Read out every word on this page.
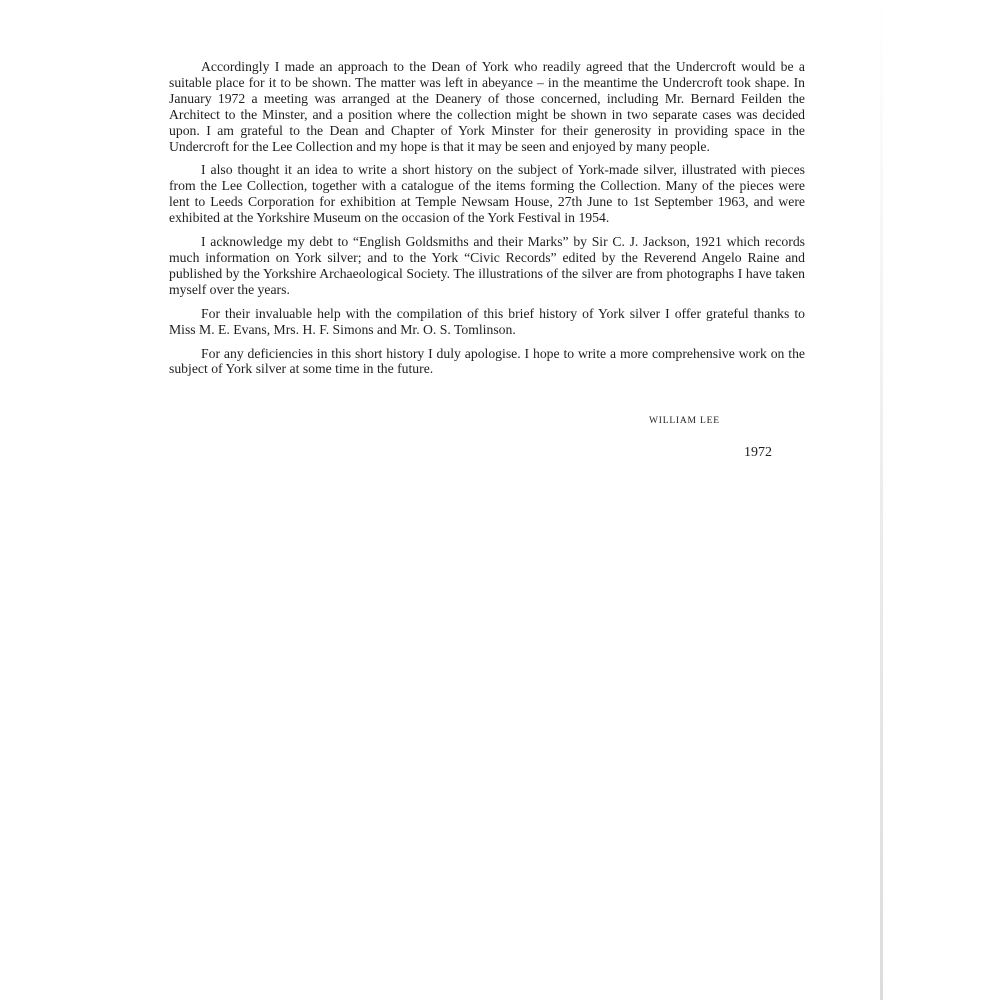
Accordingly I made an approach to the Dean of York who readily agreed that the Undercroft would be a suitable place for it to be shown. The matter was left in abeyance – in the meantime the Undercroft took shape. In January 1972 a meeting was arranged at the Deanery of those concerned, including Mr. Bernard Feilden the Architect to the Minster, and a position where the collection might be shown in two separate cases was decided upon. I am grateful to the Dean and Chapter of York Minster for their generosity in providing space in the Undercroft for the Lee Collection and my hope is that it may be seen and enjoyed by many people.

I also thought it an idea to write a short history on the subject of York-made silver, illustrated with pieces from the Lee Collection, together with a catalogue of the items forming the Collection. Many of the pieces were lent to Leeds Corporation for exhibition at Temple Newsam House, 27th June to 1st September 1963, and were exhibited at the Yorkshire Museum on the occasion of the York Festival in 1954.

I acknowledge my debt to “English Goldsmiths and their Marks” by Sir C. J. Jackson, 1921 which records much information on York silver; and to the York “Civic Records” edited by the Reverend Angelo Raine and published by the Yorkshire Archaeological Society. The illustrations of the silver are from photographs I have taken myself over the years.

For their invaluable help with the compilation of this brief history of York silver I offer grateful thanks to Miss M. E. Evans, Mrs. H. F. Simons and Mr. O. S. Tomlinson.

For any deficiencies in this short history I duly apologise. I hope to write a more comprehensive work on the subject of York silver at some time in the future.

WILLIAM LEE
1972
